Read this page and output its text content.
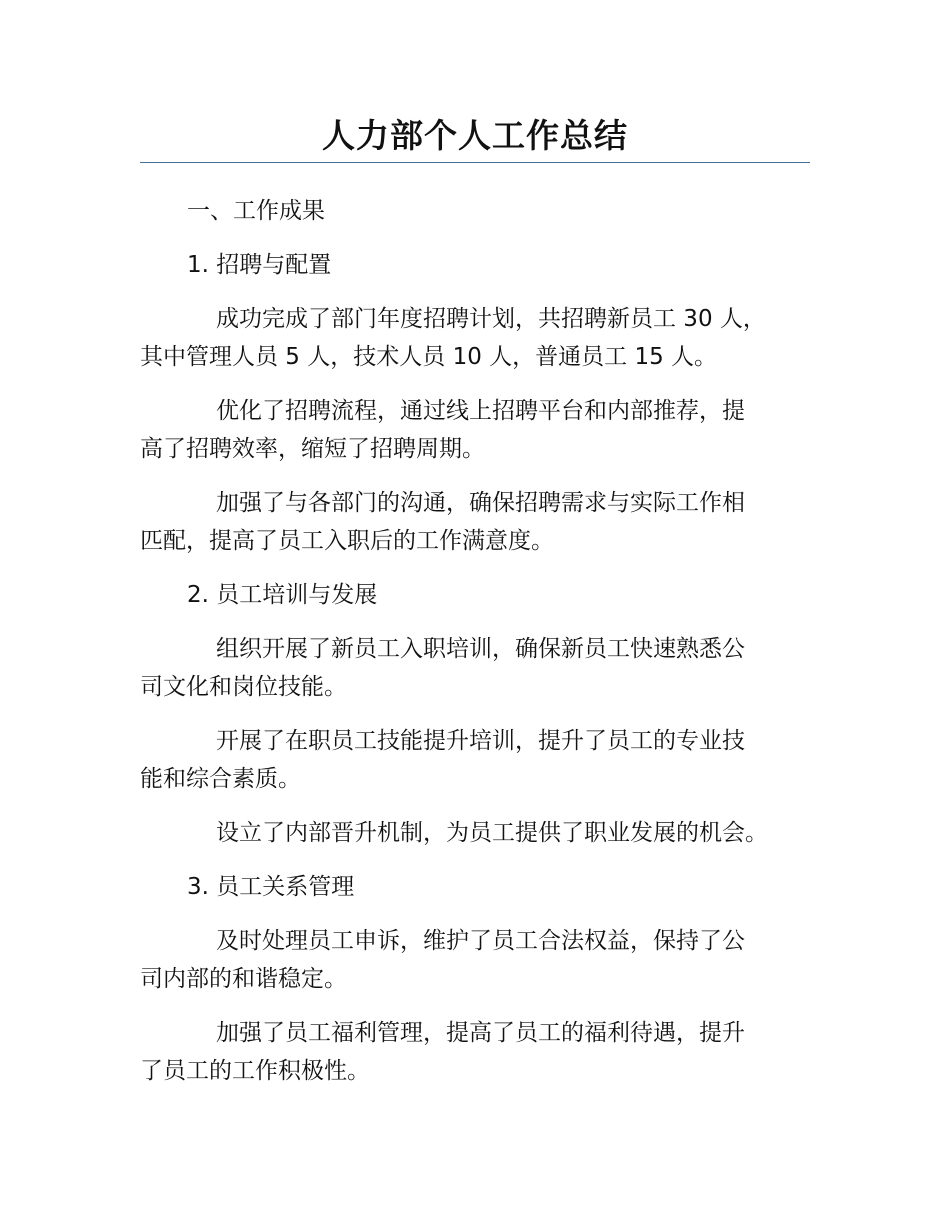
人力部个人工作总结
一、工作成果
1. 招聘与配置
成功完成了部门年度招聘计划，共招聘新员工 30 人，
其中管理人员 5 人，技术人员 10 人，普通员工 15 人。
优化了招聘流程，通过线上招聘平台和内部推荐，提
高了招聘效率，缩短了招聘周期。
加强了与各部门的沟通，确保招聘需求与实际工作相
匹配，提高了员工入职后的工作满意度。
2. 员工培训与发展
组织开展了新员工入职培训，确保新员工快速熟悉公
司文化和岗位技能。
开展了在职员工技能提升培训，提升了员工的专业技
能和综合素质。
设立了内部晋升机制，为员工提供了职业发展的机会。
3. 员工关系管理
及时处理员工申诉，维护了员工合法权益，保持了公
司内部的和谐稳定。
加强了员工福利管理，提高了员工的福利待遇，提升
了员工的工作积极性。
